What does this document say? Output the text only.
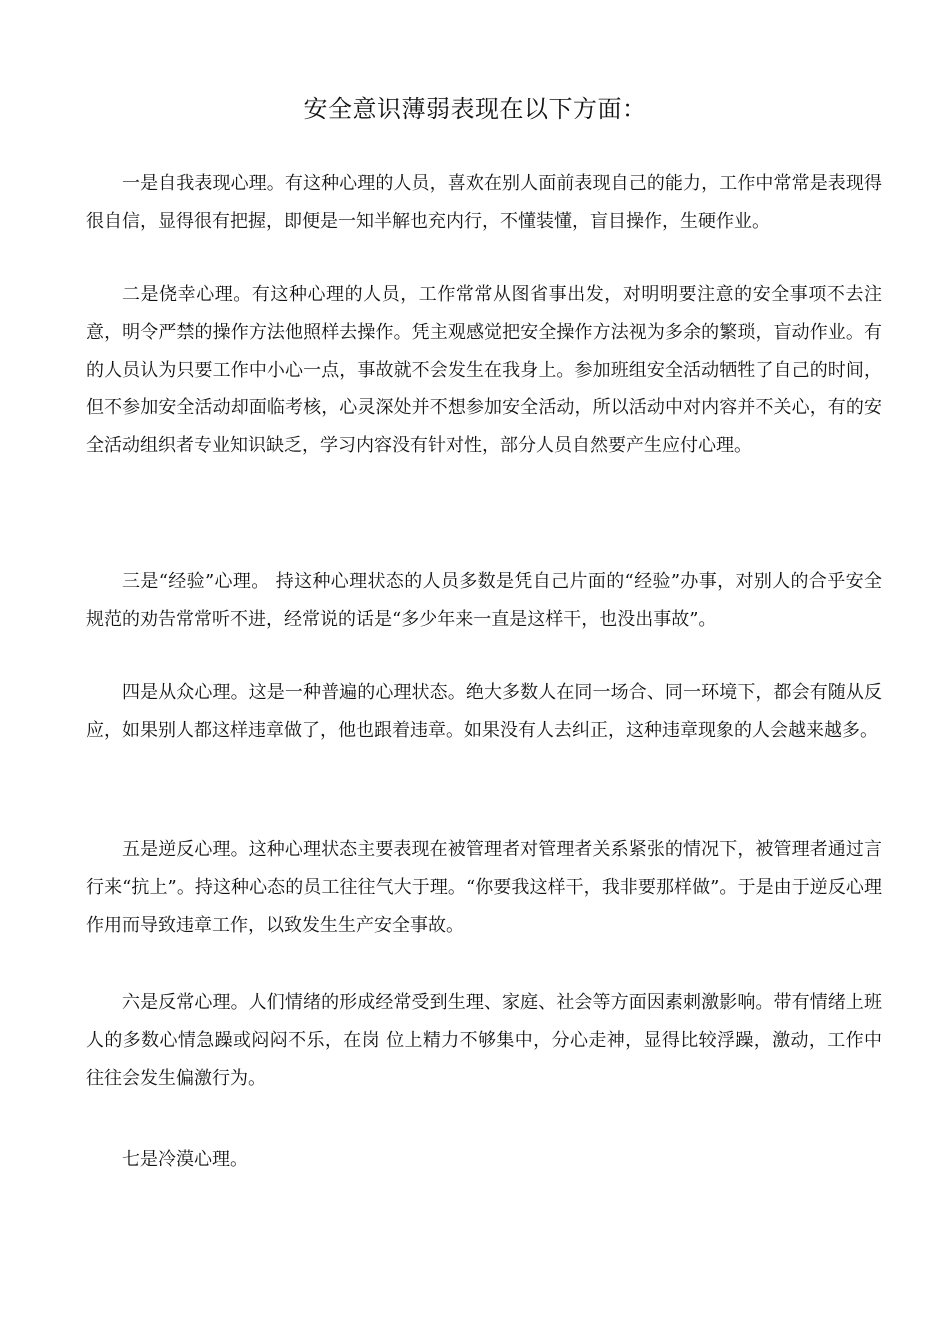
安全意识薄弱表现在以下方面：

一是自我表现心理。有这种心理的人员，喜欢在别人面前表现自己的能力，工作中常常是表现得很自信，显得很有把握，即便是一知半解也充内行，不懂装懂，盲目操作，生硬作业。

二是侥幸心理。有这种心理的人员，工作常常从图省事出发，对明明要注意的安全事项不去注意，明令严禁的操作方法他照样去操作。凭主观感觉把安全操作方法视为多余的繁琐，盲动作业。有的人员认为只要工作中小心一点，事故就不会发生在我身上。参加班组安全活动牺牲了自己的时间，但不参加安全活动却面临考核，心灵深处并不想参加安全活动，所以活动中对内容并不关心，有的安全活动组织者专业知识缺乏，学习内容没有针对性，部分人员自然要产生应付心理。

三是“经验”心理。 持这种心理状态的人员多数是凭自己片面的“经验”办事，对别人的合乎安全规范的劝告常常听不进，经常说的话是“多少年来一直是这样干，也没出事故”。

四是从众心理。这是一种普遍的心理状态。绝大多数人在同一场合、同一环境下，都会有随从反应，如果别人都这样违章做了，他也跟着违章。如果没有人去纠正，这种违章现象的人会越来越多。

五是逆反心理。这种心理状态主要表现在被管理者对管理者关系紧张的情况下，被管理者通过言行来“抗上”。持这种心态的员工往往气大于理。“你要我这样干，我非要那样做”。于是由于逆反心理作用而导致违章工作，以致发生生产安全事故。

六是反常心理。人们情绪的形成经常受到生理、家庭、社会等方面因素刺激影响。带有情绪上班人的多数心情急躁或闷闷不乐，在岗 位上精力不够集中，分心走神，显得比较浮躁，激动，工作中往往会发生偏激行为。

七是冷漠心理。
